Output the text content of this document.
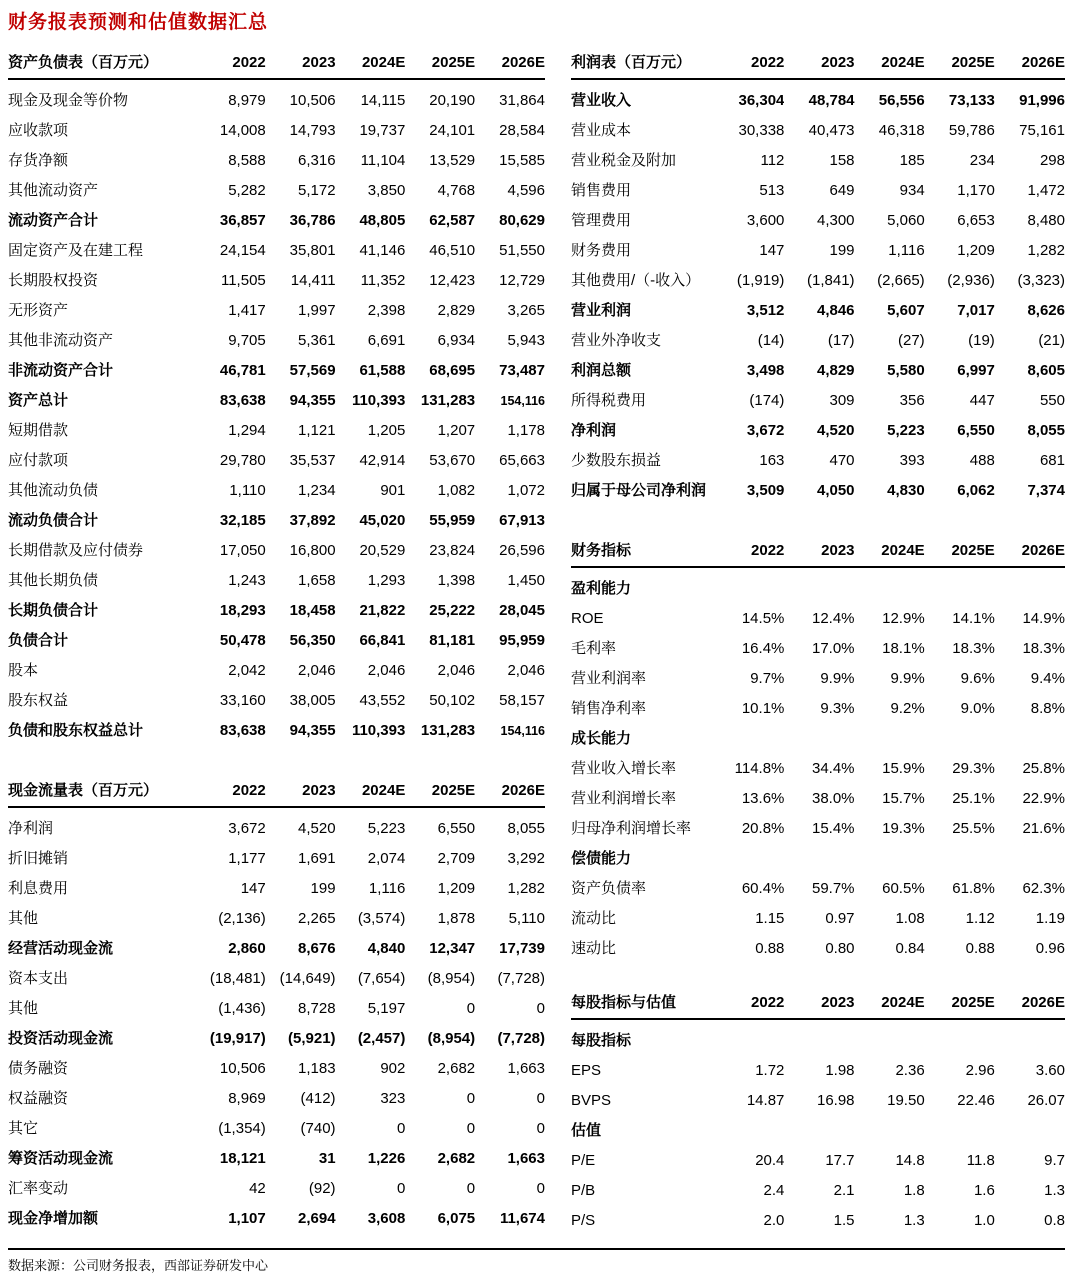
财务报表预测和估值数据汇总
资产负债表（百万元）	2022	2023	2024E	2025E	2026E
现金及现金等价物	8,979	10,506	14,115	20,190	31,864
应收款项	14,008	14,793	19,737	24,101	28,584
存货净额	8,588	6,316	11,104	13,529	15,585
其他流动资产	5,282	5,172	3,850	4,768	4,596
流动资产合计	36,857	36,786	48,805	62,587	80,629
固定资产及在建工程	24,154	35,801	41,146	46,510	51,550
长期股权投资	11,505	14,411	11,352	12,423	12,729
无形资产	1,417	1,997	2,398	2,829	3,265
其他非流动资产	9,705	5,361	6,691	6,934	5,943
非流动资产合计	46,781	57,569	61,588	68,695	73,487
资产总计	83,638	94,355	110,393	131,283	154,116
短期借款	1,294	1,121	1,205	1,207	1,178
应付款项	29,780	35,537	42,914	53,670	65,663
其他流动负债	1,110	1,234	901	1,082	1,072
流动负债合计	32,185	37,892	45,020	55,959	67,913
长期借款及应付债券	17,050	16,800	20,529	23,824	26,596
其他长期负债	1,243	1,658	1,293	1,398	1,450
长期负债合计	18,293	18,458	21,822	25,222	28,045
负债合计	50,478	56,350	66,841	81,181	95,959
股本	2,042	2,046	2,046	2,046	2,046
股东权益	33,160	38,005	43,552	50,102	58,157
负债和股东权益总计	83,638	94,355	110,393	131,283	154,116
现金流量表（百万元）	2022	2023	2024E	2025E	2026E
净利润	3,672	4,520	5,223	6,550	8,055
折旧摊销	1,177	1,691	2,074	2,709	3,292
利息费用	147	199	1,116	1,209	1,282
其他	(2,136)	2,265	(3,574)	1,878	5,110
经营活动现金流	2,860	8,676	4,840	12,347	17,739
资本支出	(18,481)	(14,649)	(7,654)	(8,954)	(7,728)
其他	(1,436)	8,728	5,197	0	0
投资活动现金流	(19,917)	(5,921)	(2,457)	(8,954)	(7,728)
债务融资	10,506	1,183	902	2,682	1,663
权益融资	8,969	(412)	323	0	0
其它	(1,354)	(740)	0	0	0
筹资活动现金流	18,121	31	1,226	2,682	1,663
汇率变动	42	(92)	0	0	0
现金净增加额	1,107	2,694	3,608	6,075	11,674
利润表（百万元）	2022	2023	2024E	2025E	2026E
营业收入	36,304	48,784	56,556	73,133	91,996
营业成本	30,338	40,473	46,318	59,786	75,161
营业税金及附加	112	158	185	234	298
销售费用	513	649	934	1,170	1,472
管理费用	3,600	4,300	5,060	6,653	8,480
财务费用	147	199	1,116	1,209	1,282
其他费用/（-收入）	(1,919)	(1,841)	(2,665)	(2,936)	(3,323)
营业利润	3,512	4,846	5,607	7,017	8,626
营业外净收支	(14)	(17)	(27)	(19)	(21)
利润总额	3,498	4,829	5,580	6,997	8,605
所得税费用	(174)	309	356	447	550
净利润	3,672	4,520	5,223	6,550	8,055
少数股东损益	163	470	393	488	681
归属于母公司净利润	3,509	4,050	4,830	6,062	7,374
财务指标	2022	2023	2024E	2025E	2026E
盈利能力					
ROE	14.5%	12.4%	12.9%	14.1%	14.9%
毛利率	16.4%	17.0%	18.1%	18.3%	18.3%
营业利润率	9.7%	9.9%	9.9%	9.6%	9.4%
销售净利率	10.1%	9.3%	9.2%	9.0%	8.8%
成长能力					
营业收入增长率	114.8%	34.4%	15.9%	29.3%	25.8%
营业利润增长率	13.6%	38.0%	15.7%	25.1%	22.9%
归母净利润增长率	20.8%	15.4%	19.3%	25.5%	21.6%
偿债能力					
资产负债率	60.4%	59.7%	60.5%	61.8%	62.3%
流动比	1.15	0.97	1.08	1.12	1.19
速动比	0.88	0.80	0.84	0.88	0.96
每股指标与估值	2022	2023	2024E	2025E	2026E
每股指标					
EPS	1.72	1.98	2.36	2.96	3.60
BVPS	14.87	16.98	19.50	22.46	26.07
估值					
P/E	20.4	17.7	14.8	11.8	9.7
P/B	2.4	2.1	1.8	1.6	1.3
P/S	2.0	1.5	1.3	1.0	0.8
数据来源：公司财务报表，西部证券研发中心
